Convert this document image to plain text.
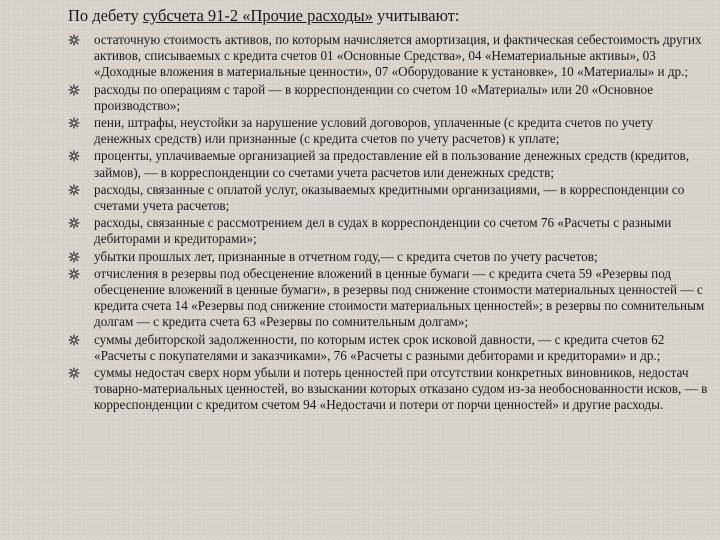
По дебету субсчета 91-2 «Прочие расходы» учитывают:
остаточную стоимость активов, по которым начисляется амортизация, и фактическая себестоимость других активов, списываемых с кредита счетов 01 «Основные Средства», 04 «Нематериальные активы», 03 «Доходные вложения в материальные ценности», 07 «Оборудование к установке», 10 «Материалы» и др.;
расходы по операциям с тарой — в корреспонденции со счетом 10 «Материалы» или 20 «Основное производство»;
пени, штрафы, неустойки за нарушение условий договоров, уплаченные (с кредита счетов по учету денежных средств) или признанные (с кредита счетов по учету расчетов) к уплате;
проценты, уплачиваемые организацией за предоставление ей в пользование денежных средств (кредитов, займов), — в корреспонденции со счетами учета расчетов или денежных средств;
расходы, связанные с оплатой услуг, оказываемых кредитными организациями, — в корреспонденции со счетами учета расчетов;
расходы, связанные с рассмотрением дел в судах в корреспонденции со счетом 76 «Расчеты с разными дебиторами и кредиторами»;
убытки прошлых лет, признанные в отчетном году,— с кредита счетов по учету расчетов;
отчисления в резервы под обесценение вложений в ценные бумаги — с кредита счета 59 «Резервы под обесценение вложений в ценные бумаги», в резервы под снижение стоимости материальных ценностей — с кредита счета 14 «Резервы под снижение стоимости материальных ценностей»; в резервы по сомнительным долгам — с кредита счета 63 «Резервы по сомнительным долгам»;
суммы дебиторской задолженности, по которым истек срок исковой давности, — с кредита счетов 62 «Расчеты с покупателями и заказчиками», 76 «Расчеты с разными дебиторами и кредиторами» и др.;
суммы недостач сверх норм убыли и потерь ценностей при отсутствии конкретных виновников, недостач товарно-материальных ценностей, во взыскании которых отказано судом из-за необоснованности исков, — в корреспонденции с кредитом счетом 94 «Недостачи и потери от порчи ценностей» и другие расходы.
